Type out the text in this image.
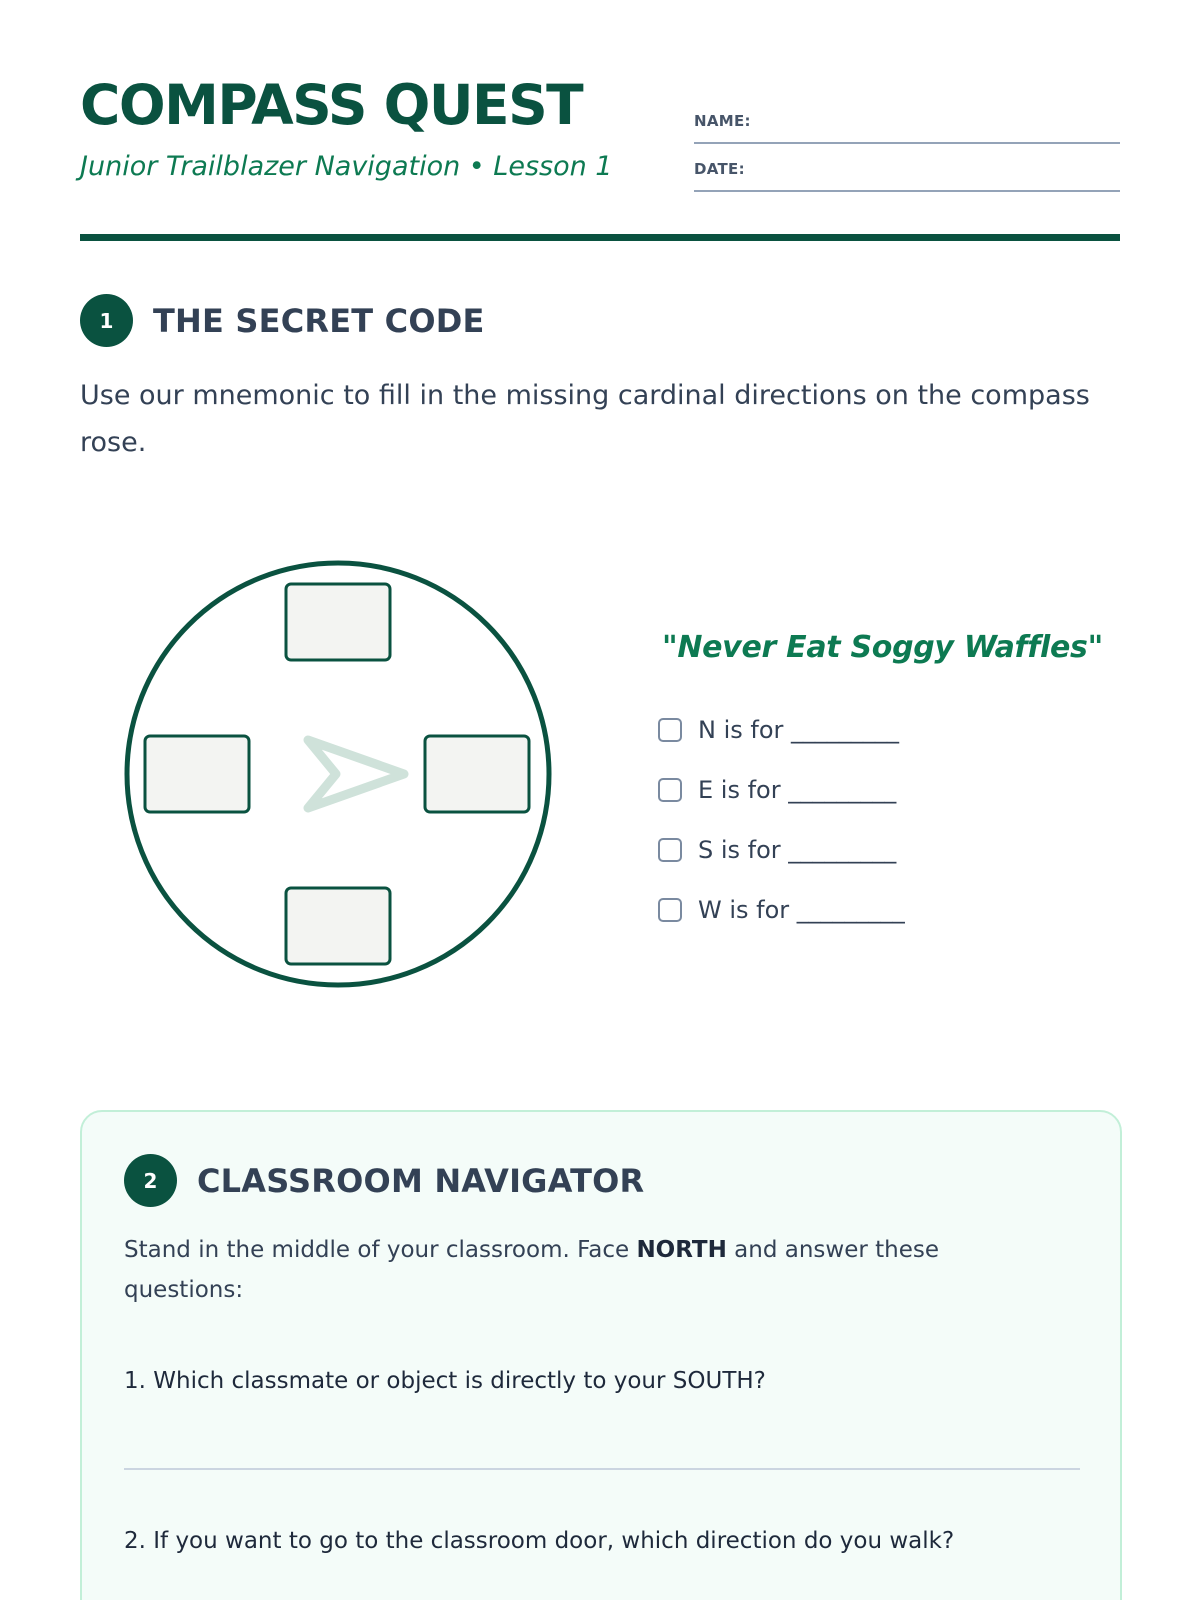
COMPASS QUEST

Junior Trailblazer Navigation • Lesson 1

NAME:
DATE:
1	THE SECRET CODE

Use our mnemonic to fill in the missing cardinal directions on the compass rose.

"Never Eat Soggy Waffles"

N is for _________
E is for _________
S is for _________
W is for _________
2	CLASSROOM NAVIGATOR

Stand in the middle of your classroom. Face NORTH and answer these questions:

1. Which classmate or object is directly to your SOUTH?

2. If you want to go to the classroom door, which direction do you walk?
